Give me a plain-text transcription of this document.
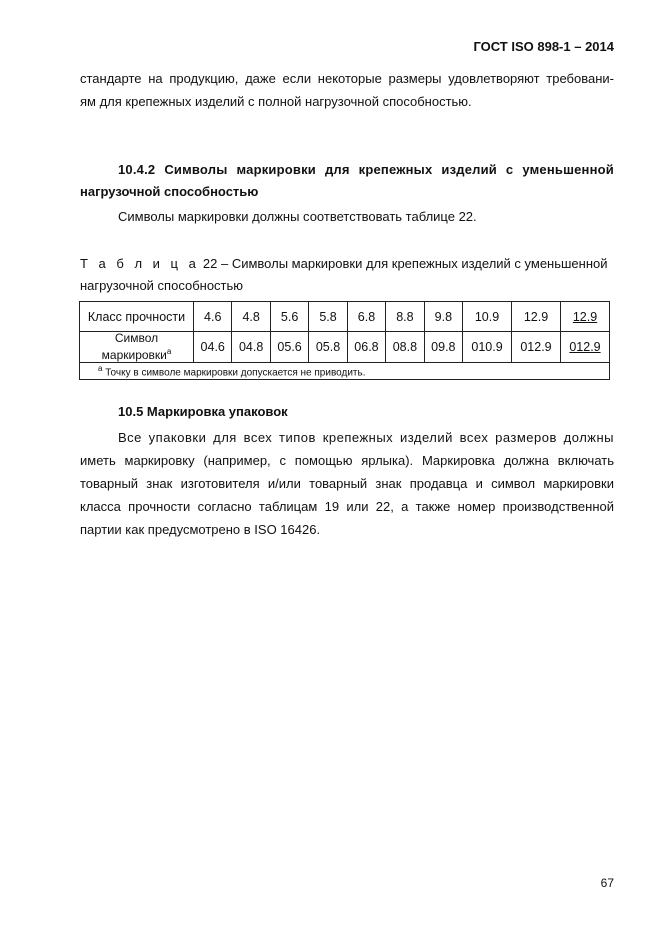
ГОСТ ISO 898-1 – 2014
стандарте на продукцию, даже если некоторые размеры удовлетворяют требовани-
ям для крепежных изделий с полной нагрузочной способностью.
10.4.2 Символы маркировки для крепежных изделий с уменьшенной
нагрузочной способностью
Символы маркировки должны соответствовать таблице 22.
Т а б л и ц а 22 – Символы маркировки для крепежных изделий с уменьшенной
нагрузочной способностью
Класс прочности	4.6	4.8	5.6	5.8	6.8	8.8	9.8	10.9	12.9	12.9

Символ
маркировки$^a$	04.6	04.8	05.6	05.8	06.8	08.8	09.8	010.9	012.9	012.9
$^a$ Точку в символе маркировки допускается не приводить.										
10.5 Маркировка упаковок
Все упаковки для всех типов крепежных изделий всех размеров должны
иметь маркировку (например, с помощью ярлыка). Маркировка должна включать
товарный знак изготовителя и/или товарный знак продавца и символ маркировки
класса прочности согласно таблицам 19 или 22, а также номер производственной
партии как предусмотрено в ISO 16426.
67
